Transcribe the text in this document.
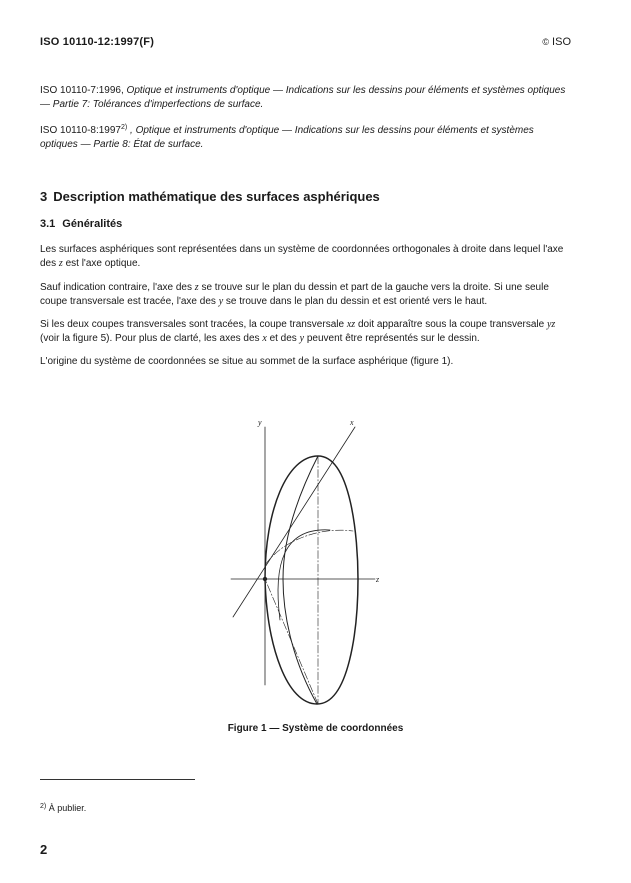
ISO 10110-12:1997(F)	© ISO
ISO 10110-7:1996, Optique et instruments d'optique — Indications sur les dessins pour éléments et systèmes optiques — Partie 7: Tolérances d'imperfections de surface.
ISO 10110-8:1997$^{2)}$ , Optique et instruments d'optique — Indications sur les dessins pour éléments et systèmes optiques — Partie 8: État de surface.
3 Description mathématique des surfaces asphériques
3.1 Généralités
Les surfaces asphériques sont représentées dans un système de coordonnées orthogonales à droite dans lequel l'axe des z est l'axe optique.
Sauf indication contraire, l'axe des z se trouve sur le plan du dessin et part de la gauche vers la droite. Si une seule coupe transversale est tracée, l'axe des y se trouve dans le plan du dessin et est orienté vers le haut.
Si les deux coupes transversales sont tracées, la coupe transversale xz doit apparaître sous la coupe transversale yz (voir la figure 5). Pour plus de clarté, les axes des x et des y peuvent être représentés sur le dessin.
L'origine du système de coordonnées se situe au sommet de la surface asphérique (figure 1).
y	x
z
Figure 1 — Système de coordonnées
$^{2)}$ À publier.
2
